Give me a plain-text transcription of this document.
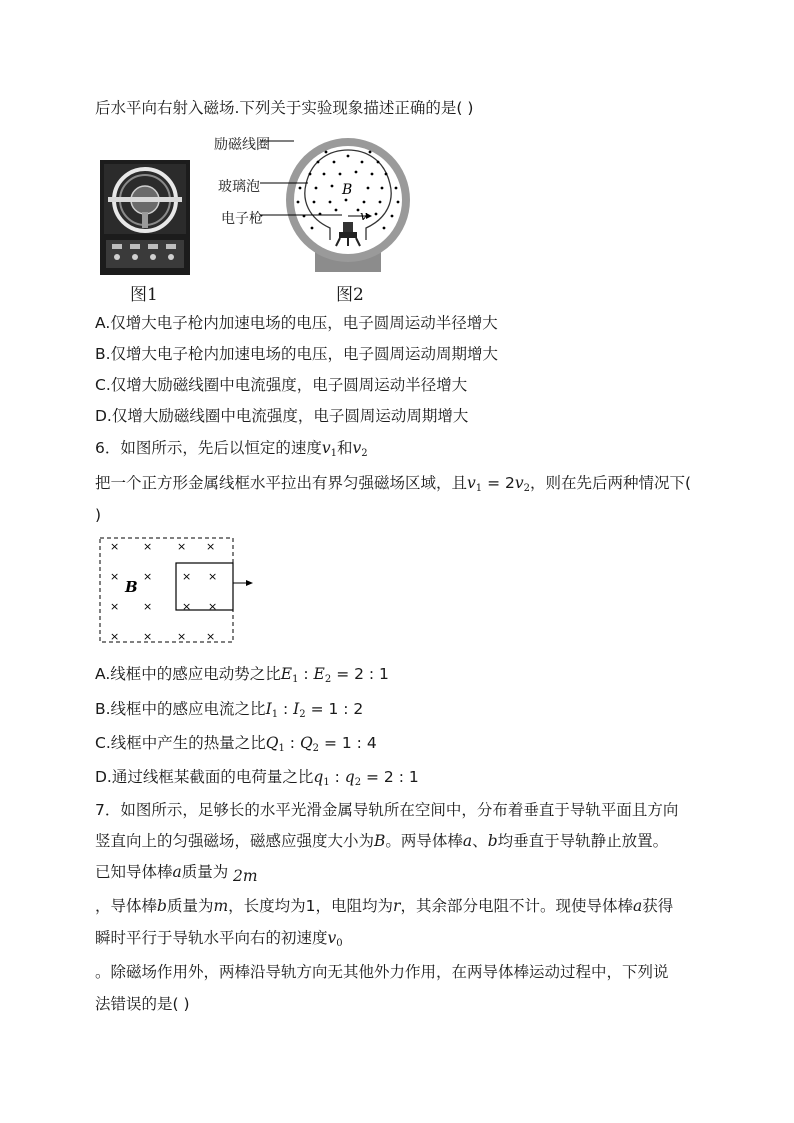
后水平向右射入磁场.下列关于实验现象描述正确的是( )
图1
励磁线圈
玻璃泡
电子枪
B
v
图2
A.仅增大电子枪内加速电场的电压，电子圆周运动半径增大
B.仅增大电子枪内加速电场的电压，电子圆周运动周期增大
C.仅增大励磁线圈中电流强度，电子圆周运动半径增大
D.仅增大励磁线圈中电流强度，电子圆周运动周期增大
6．如图所示，先后以恒定的速度$v_1$和$v_2$
把一个正方形金属线框水平拉出有界匀强磁场区域，且$v_1 = 2v_2$，则在先后两种情况下(
)
× × × ×
× ×	× ×
×	× ×
×
× × × ×
B
A.线框中的感应电动势之比$E_1$ : $E_2 = 2$ : 1
B.线框中的感应电流之比$I_1$ : $I_2 = 1$ : 2
C.线框中产生的热量之比$Q_1$ : $Q_2 = 1$ : 4
D.通过线框某截面的电荷量之比$q_1$ : $q_2 = 2$ : 1
7．如图所示，足够长的水平光滑金属导轨所在空间中，分布着垂直于导轨平面且方向
竖直向上的匀强磁场，磁感应强度大小为B。两导体棒a、b均垂直于导轨静止放置。
已知导体棒a质量为 2m
，导体棒b质量为m，长度均为1，电阻均为r，其余部分电阻不计。现使导体棒a获得
瞬时平行于导轨水平向右的初速度$v_0$
。除磁场作用外，两棒沿导轨方向无其他外力作用，在两导体棒运动过程中，下列说
法错误的是( )
